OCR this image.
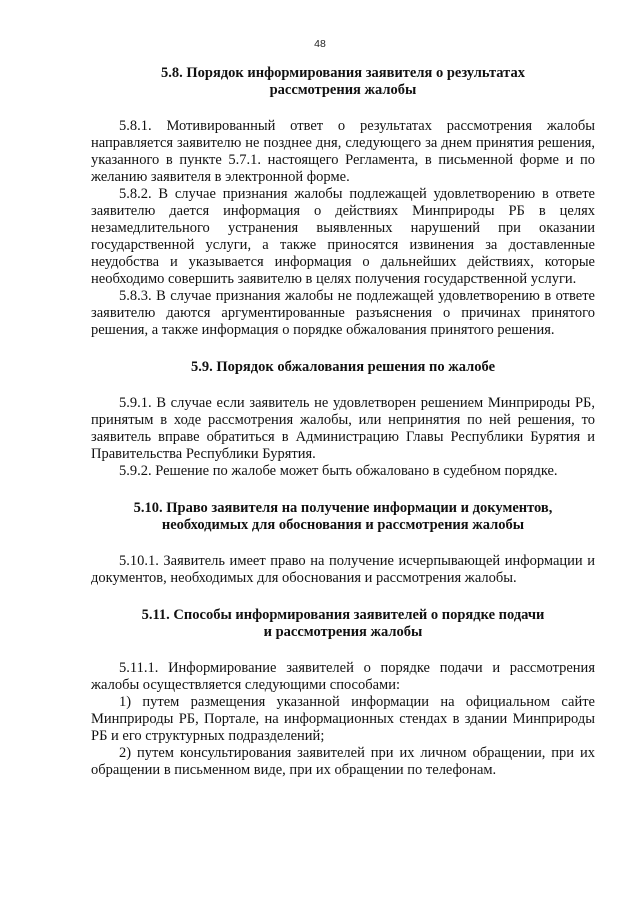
48
5.8. Порядок информирования заявителя о результатах
рассмотрения жалобы

5.8.1. Мотивированный ответ о результатах рассмотрения жалобы направляется заявителю не позднее дня, следующего за днем принятия решения, указанного в пункте 5.7.1. настоящего Регламента, в письменной форме и по желанию заявителя в электронной форме.

5.8.2. В случае признания жалобы подлежащей удовлетворению в ответе заявителю дается информация о действиях Минприроды РБ в целях незамедлительного устранения выявленных нарушений при оказании государственной услуги, а также приносятся извинения за доставленные неудобства и указывается информация о дальнейших действиях, которые необходимо совершить заявителю в целях получения государственной услуги.

5.8.3. В случае признания жалобы не подлежащей удовлетворению в ответе заявителю даются аргументированные разъяснения о причинах принятого решения, а также информация о порядке обжалования принятого решения.

5.9. Порядок обжалования решения по жалобе

5.9.1. В случае если заявитель не удовлетворен решением Минприроды РБ, принятым в ходе рассмотрения жалобы, или непринятия по ней решения, то заявитель вправе обратиться в Администрацию Главы Республики Бурятия и Правительства Республики Бурятия.

5.9.2. Решение по жалобе может быть обжаловано в судебном порядке.

5.10. Право заявителя на получение информации и документов,
необходимых для обоснования и рассмотрения жалобы

5.10.1. Заявитель имеет право на получение исчерпывающей информации и документов, необходимых для обоснования и рассмотрения жалобы.

5.11. Способы информирования заявителей о порядке подачи
и рассмотрения жалобы

5.11.1. Информирование заявителей о порядке подачи и рассмотрения жалобы осуществляется следующими способами:

1) путем размещения указанной информации на официальном сайте Минприроды РБ, Портале, на информационных стендах в здании Минприроды РБ и его структурных подразделений;

2) путем консультирования заявителей при их личном обращении, при их обращении в письменном виде, при их обращении по телефонам.
